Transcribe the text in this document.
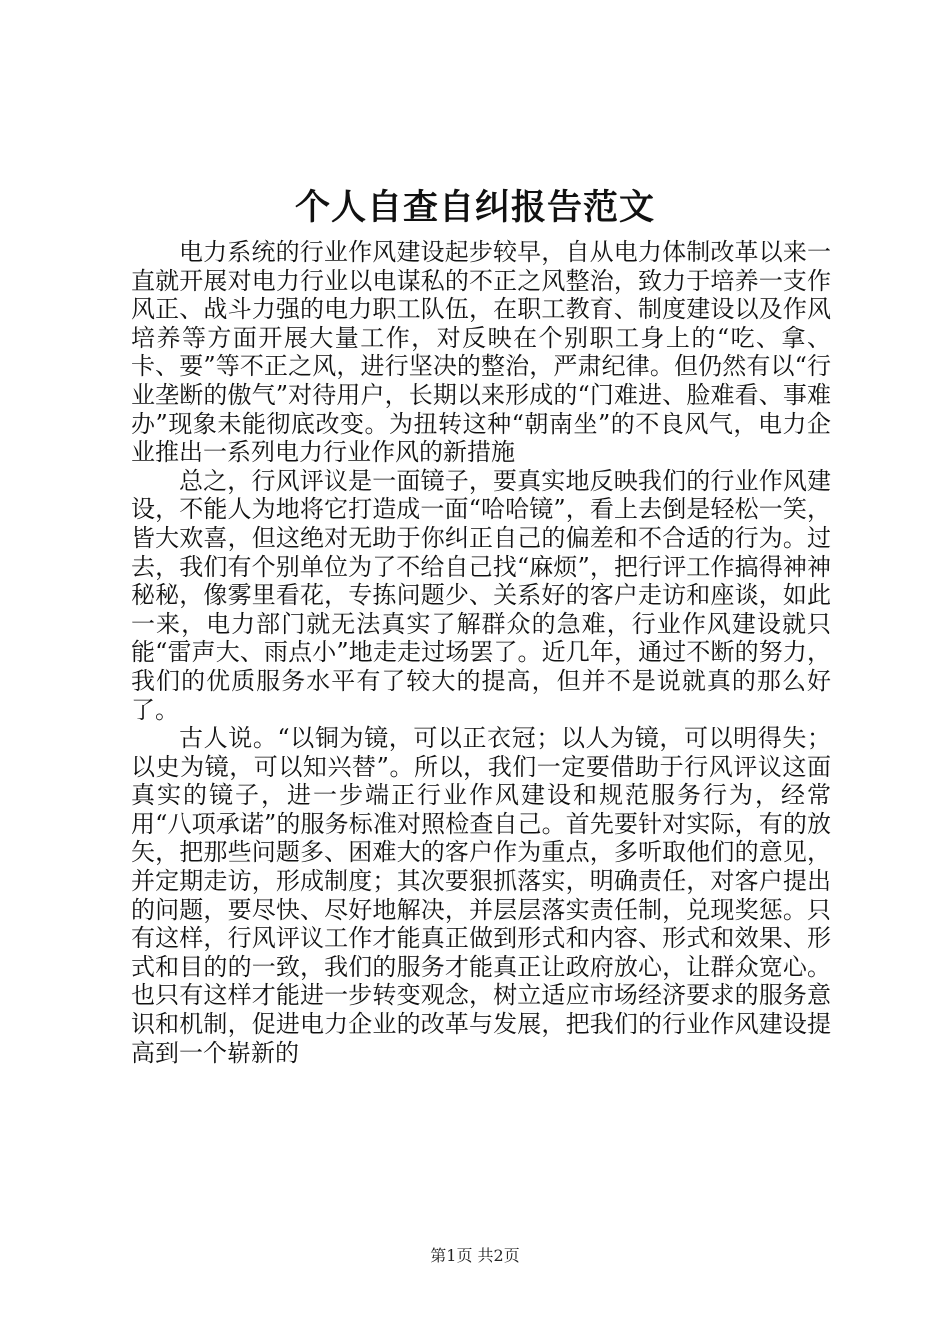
个人自查自纠报告范文

电力系统的行业作风建设起步较早，自从电力体制改革以来一直就开展对电力行业以电谋私的不正之风整治，致力于培养一支作风正、战斗力强的电力职工队伍，在职工教育、制度建设以及作风培养等方面开展大量工作，对反映在个别职工身上的“吃、拿、卡、要”等不正之风，进行坚决的整治，严肃纪律。但仍然有以“行业垄断的傲气”对待用户，长期以来形成的“门难进、脸难看、事难办”现象未能彻底改变。为扭转这种“朝南坐”的不良风气，电力企业推出一系列电力行业作风的新措施

总之，行风评议是一面镜子，要真实地反映我们的行业作风建设，不能人为地将它打造成一面“哈哈镜”，看上去倒是轻松一笑，皆大欢喜，但这绝对无助于你纠正自己的偏差和不合适的行为。过去，我们有个别单位为了不给自己找“麻烦”，把行评工作搞得神神秘秘，像雾里看花，专拣问题少、关系好的客户走访和座谈，如此一来，电力部门就无法真实了解群众的急难，行业作风建设就只能“雷声大、雨点小”地走走过场罢了。近几年，通过不断的努力，我们的优质服务水平有了较大的提高，但并不是说就真的那么好了。

古人说。“以铜为镜，可以正衣冠；以人为镜，可以明得失；以史为镜，可以知兴替”。所以，我们一定要借助于行风评议这面真实的镜子，进一步端正行业作风建设和规范服务行为，经常用“八项承诺”的服务标准对照检查自己。首先要针对实际，有的放矢，把那些问题多、困难大的客户作为重点，多听取他们的意见，并定期走访，形成制度；其次要狠抓落实，明确责任，对客户提出的问题，要尽快、尽好地解决，并层层落实责任制，兑现奖惩。只有这样，行风评议工作才能真正做到形式和内容、形式和效果、形式和目的的一致，我们的服务才能真正让政府放心，让群众宽心。也只有这样才能进一步转变观念，树立适应市场经济要求的服务意识和机制，促进电力企业的改革与发展，把我们的行业作风建设提高到一个崭新的

第1页 共2页
